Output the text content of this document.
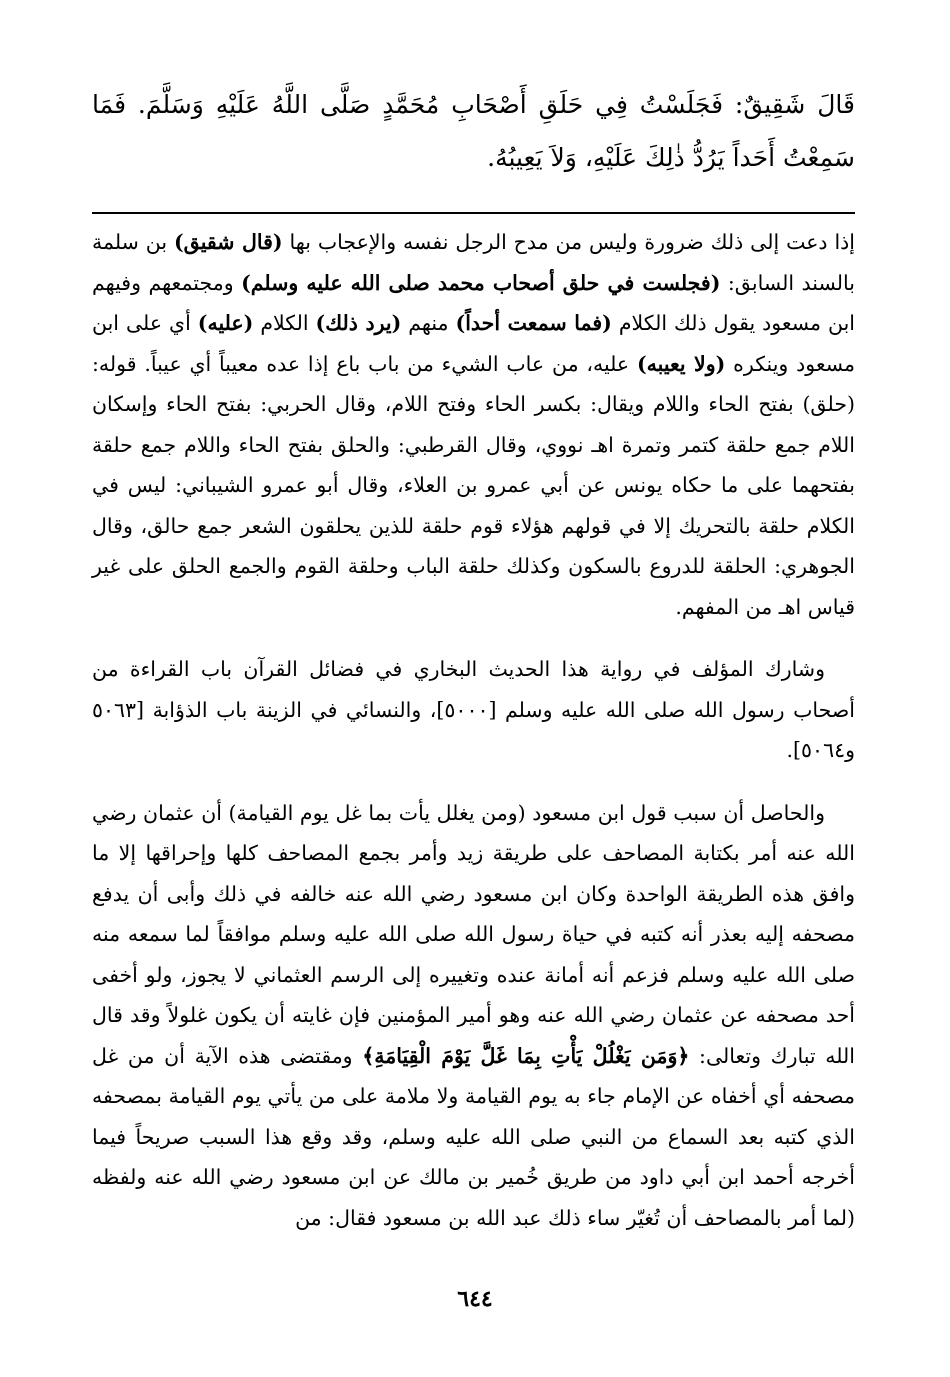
قَالَ شَقِيقٌ: فَجَلَسْتُ فِي حَلَقِ أَصْحَابِ مُحَمَّدٍ صَلَّى اللَّهُ عَلَيْهِ وَسَلَّمَ. فَمَا سَمِعْتُ أَحَداً يَرُدُّ ذٰلِكَ عَلَيْهِ، وَلاَ يَعِيبُهُ.

إذا دعت إلى ذلك ضرورة وليس من مدح الرجل نفسه والإعجاب بها (قال شقيق) بن سلمة بالسند السابق: (فجلست في حلق أصحاب محمد صلى الله عليه وسلم) ومجتمعهم وفيهم ابن مسعود يقول ذلك الكلام (فما سمعت أحداً) منهم (يرد ذلك) الكلام (عليه) أي على ابن مسعود وينكره (ولا يعيبه) عليه، من عاب الشيء من باب باع إذا عده معيباً أي عيباً. قوله: (حلق) بفتح الحاء واللام ويقال: بكسر الحاء وفتح اللام، وقال الحربي: بفتح الحاء وإسكان اللام جمع حلقة كتمر وتمرة اهـ نووي، وقال القرطبي: والحلق بفتح الحاء واللام جمع حلقة بفتحهما على ما حكاه يونس عن أبي عمرو بن العلاء، وقال أبو عمرو الشيباني: ليس في الكلام حلقة بالتحريك إلا في قولهم هؤلاء قوم حلقة للذين يحلقون الشعر جمع حالق، وقال الجوهري: الحلقة للدروع بالسكون وكذلك حلقة الباب وحلقة القوم والجمع الحلق على غير قياس اهـ من المفهم.

وشارك المؤلف في رواية هذا الحديث البخاري في فضائل القرآن باب القراءة من أصحاب رسول الله صلى الله عليه وسلم [٥٠٠٠]، والنسائي في الزينة باب الذؤابة [٥٠٦٣ و٥٠٦٤].

والحاصل أن سبب قول ابن مسعود (ومن يغلل يأت بما غل يوم القيامة) أن عثمان رضي الله عنه أمر بكتابة المصاحف على طريقة زيد وأمر بجمع المصاحف كلها وإحراقها إلا ما وافق هذه الطريقة الواحدة وكان ابن مسعود رضي الله عنه خالفه في ذلك وأبى أن يدفع مصحفه إليه بعذر أنه كتبه في حياة رسول الله صلى الله عليه وسلم موافقاً لما سمعه منه صلى الله عليه وسلم فزعم أنه أمانة عنده وتغييره إلى الرسم العثماني لا يجوز، ولو أخفى أحد مصحفه عن عثمان رضي الله عنه وهو أمير المؤمنين فإن غايته أن يكون غلولاً وقد قال الله تبارك وتعالى: ﴿وَمَن يَغْلُلْ يَأْتِ بِمَا غَلَّ يَوْمَ الْقِيَامَةِ﴾ ومقتضى هذه الآية أن من غل مصحفه أي أخفاه عن الإمام جاء به يوم القيامة ولا ملامة على من يأتي يوم القيامة بمصحفه الذي كتبه بعد السماع من النبي صلى الله عليه وسلم، وقد وقع هذا السبب صريحاً فيما أخرجه أحمد ابن أبي داود من طريق خُمير بن مالك عن ابن مسعود رضي الله عنه ولفظه (لما أمر بالمصاحف أن تُغيّر ساء ذلك عبد الله بن مسعود فقال: من

٦٤٤
